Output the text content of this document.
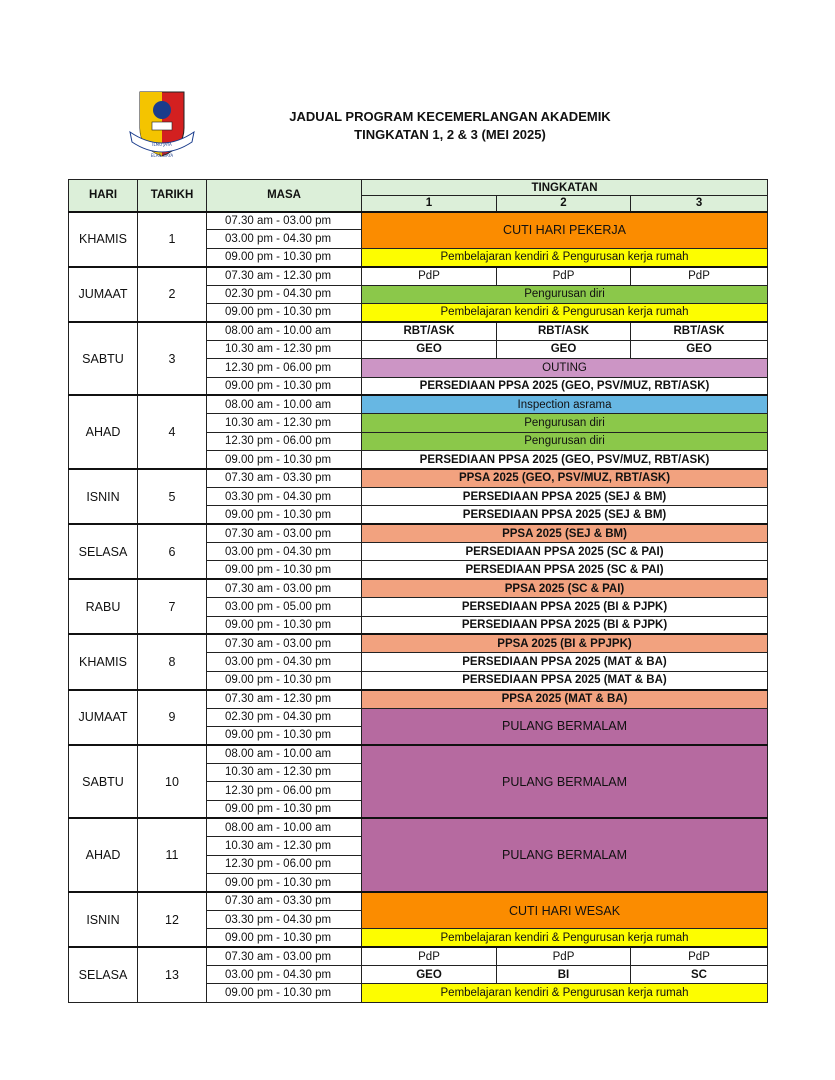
ILMU JAYA
ELAN GAYA
JADUAL PROGRAM KECEMERLANGAN AKADEMIK
TINGKATAN 1, 2 & 3 (MEI 2025)
HARI	TARIKH	MASA	TINGKATAN		
			1	2	3
KHAMIS	1	07.30 am - 03.00 pm	CUTI HARI PEKERJA		
		03.00 pm - 04.30 pm			
		09.00 pm - 10.30 pm	Pembelajaran kendiri & Pengurusan kerja rumah		
JUMAAT	2	07.30 am - 12.30 pm	PdP	PdP	PdP
		02.30 pm - 04.30 pm	Pengurusan diri		
		09.00 pm - 10.30 pm	Pembelajaran kendiri & Pengurusan kerja rumah		
SABTU	3	08.00 am - 10.00 am	RBT/ASK	RBT/ASK	RBT/ASK
		10.30 am - 12.30 pm	GEO	GEO	GEO
		12.30 pm - 06.00 pm	OUTING		
		09.00 pm - 10.30 pm	PERSEDIAAN PPSA 2025 (GEO, PSV/MUZ, RBT/ASK)		
AHAD	4	08.00 am - 10.00 am	Inspection asrama		
		10.30 am - 12.30 pm	Pengurusan diri		
		12.30 pm - 06.00 pm	Pengurusan diri		
		09.00 pm - 10.30 pm	PERSEDIAAN PPSA 2025 (GEO, PSV/MUZ, RBT/ASK)		
ISNIN	5	07.30 am - 03.30 pm	PPSA 2025 (GEO, PSV/MUZ, RBT/ASK)		
		03.30 pm - 04.30 pm	PERSEDIAAN PPSA 2025 (SEJ & BM)		
		09.00 pm - 10.30 pm	PERSEDIAAN PPSA 2025 (SEJ & BM)		
SELASA	6	07.30 am - 03.00 pm	PPSA 2025 (SEJ & BM)		
		03.00 pm - 04.30 pm	PERSEDIAAN PPSA 2025 (SC & PAI)		
		09.00 pm - 10.30 pm	PERSEDIAAN PPSA 2025 (SC & PAI)		
RABU	7	07.30 am - 03.00 pm	PPSA 2025 (SC & PAI)		
		03.00 pm - 05.00 pm	PERSEDIAAN PPSA 2025 (BI & PJPK)		
		09.00 pm - 10.30 pm	PERSEDIAAN PPSA 2025 (BI & PJPK)		
KHAMIS	8	07.30 am - 03.00 pm	PPSA 2025 (BI & PPJPK)		
		03.00 pm - 04.30 pm	PERSEDIAAN PPSA 2025 (MAT & BA)		
		09.00 pm - 10.30 pm	PERSEDIAAN PPSA 2025 (MAT & BA)		
JUMAAT	9	07.30 am - 12.30 pm	PPSA 2025 (MAT & BA)		
		02.30 pm - 04.30 pm	PULANG BERMALAM		
		09.00 pm - 10.30 pm			
SABTU	10	08.00 am - 10.00 am	PULANG BERMALAM		
		10.30 am - 12.30 pm			
		12.30 pm - 06.00 pm			
		09.00 pm - 10.30 pm			
AHAD	11	08.00 am - 10.00 am	PULANG BERMALAM		
		10.30 am - 12.30 pm			
		12.30 pm - 06.00 pm			
		09.00 pm - 10.30 pm			
ISNIN	12	07.30 am - 03.30 pm	CUTI HARI WESAK		
		03.30 pm - 04.30 pm			
		09.00 pm - 10.30 pm	Pembelajaran kendiri & Pengurusan kerja rumah		
SELASA	13	07.30 am - 03.00 pm	PdP	PdP	PdP
		03.00 pm - 04.30 pm	GEO	BI	SC
		09.00 pm - 10.30 pm	Pembelajaran kendiri & Pengurusan kerja rumah		
